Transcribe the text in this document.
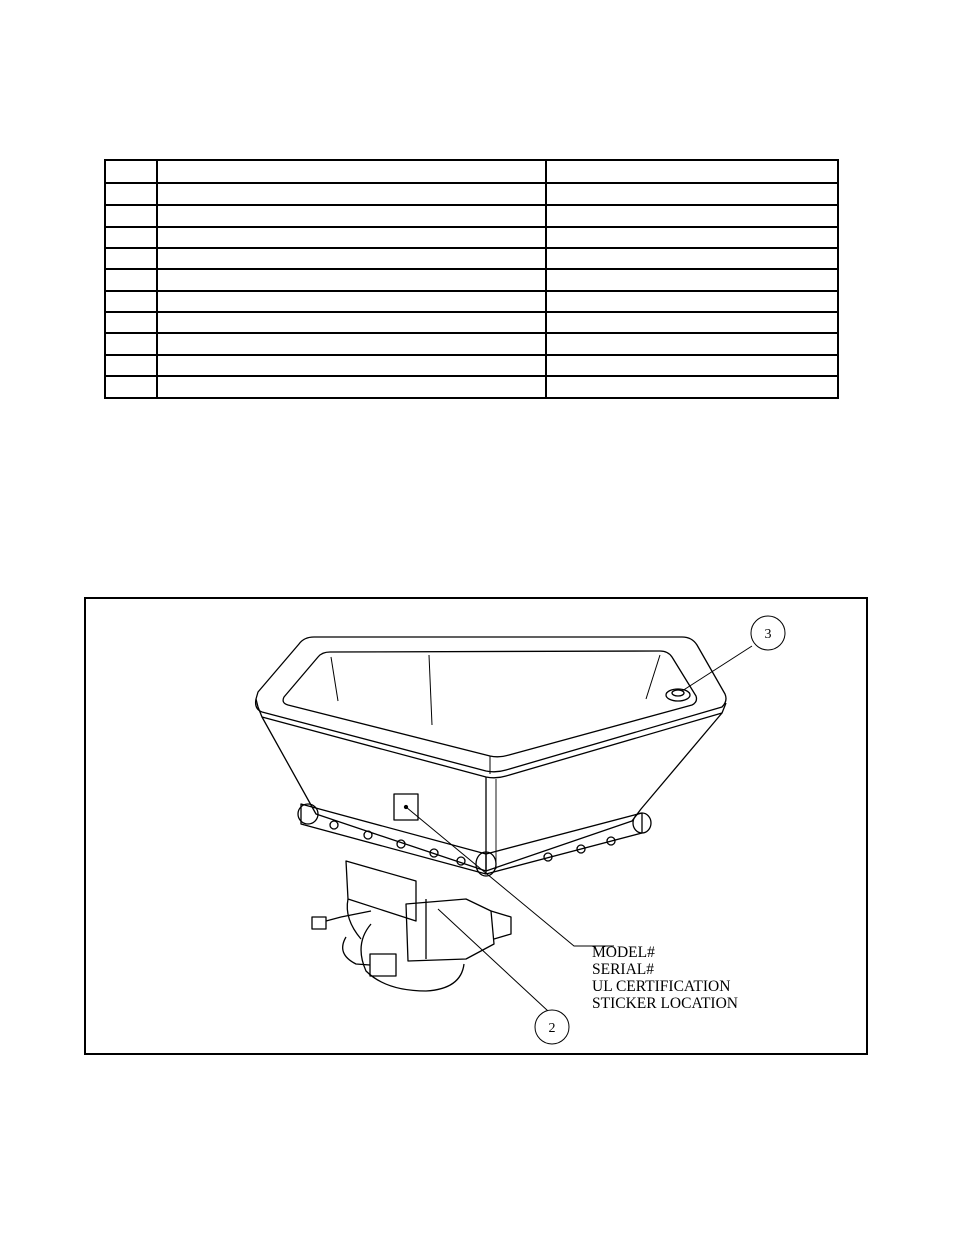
3
2
MODEL#
SERIAL#
UL CERTIFICATION
STICKER LOCATION
